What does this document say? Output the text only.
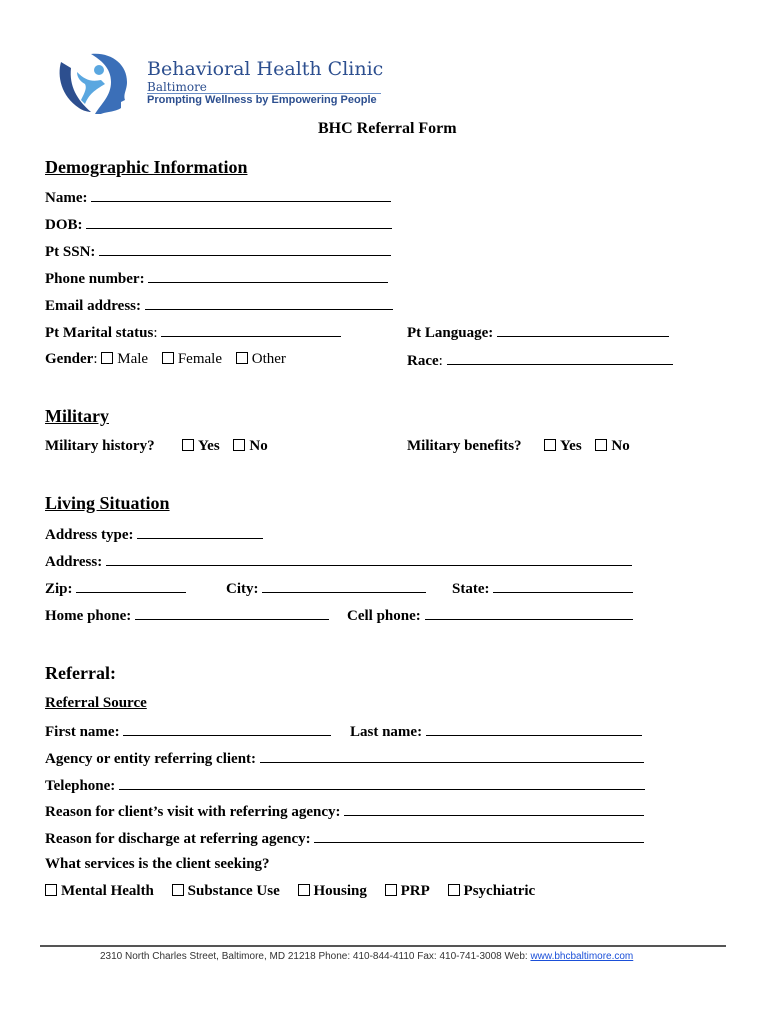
Behavioral Health Clinic
Baltimore
Prompting Wellness by Empowering People
BHC Referral Form
Demographic Information
Name:
DOB:
Pt SSN:
Phone number:
Email address:
Pt Marital status:	Pt Language:
Gender: Male Female Other	Race:
Military
Military history?	Yes No	Military benefits?	Yes No
Living Situation
Address type:
Address:
Zip:	City:	State:
Home phone:	Cell phone:
Referral:
Referral Source
First name:	Last name:
Agency or entity referring client:
Telephone:
Reason for client’s visit with referring agency:
Reason for discharge at referring agency:
What services is the client seeking?
Mental Health Substance Use Housing PRP Psychiatric
2310 North Charles Street, Baltimore, MD 21218 Phone: 410-844-4110 Fax: 410-741-3008 Web: www.bhcbaltimore.com
